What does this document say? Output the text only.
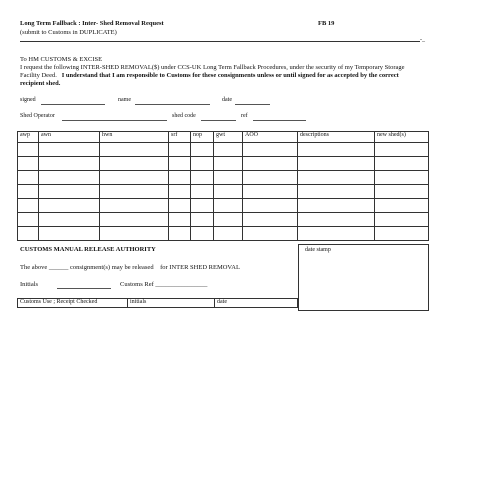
Long Term Fallback : Inter- Shed Removal Request	FB 19
(submit to Customs in DUPLICATE)
-_
To HM CUSTOMS & EXCISE
I request the following INTER-SHED REMOVAL($) under CCS-UK Long Term Fallback Procedures, under the security of my Temporary Storage
Facility Deed. I understand that I am responsible to Customs for these consignments unless or until signed for as accepted by the correct
recipient shed.
signed	name	date
Shed Operator	shed code	ref
awp	awn	hwn	srf	nop	gwt	AOO	descriptions	new shed(s)

CUSTOMS MANUAL RELEASE AUTHORITY
The above ______ consignment(s) may be released for INTER SHED REMOVAL
Initials	Customs Ref ________________
date stamp
Customs Use ; Receipt Checked	initials	date
